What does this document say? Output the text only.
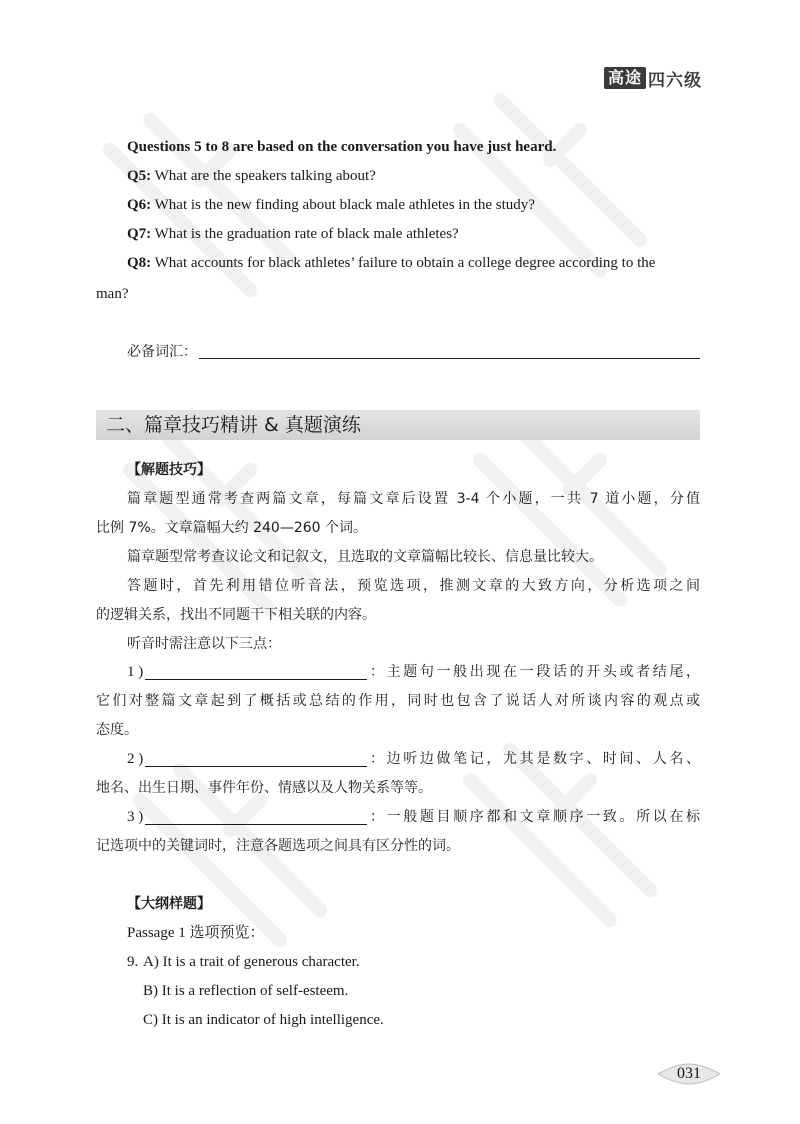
高途 四六级
Questions 5 to 8 are based on the conversation you have just heard.
Q5: What are the speakers talking about?
Q6: What is the new finding about black male athletes in the study?
Q7: What is the graduation rate of black male athletes?
Q8: What accounts for black athletes’ failure to obtain a college degree according to the
man?
必备词汇：
二、篇章技巧精讲 & 真题演练
【解题技巧】
篇章题型通常考查两篇文章，每篇文章后设置 3-4 个小题，一共 7 道小题，分值
比例 7%。文章篇幅大约 240—260 个词。
篇章题型常考查议论文和记叙文，且选取的文章篇幅比较长、信息量比较大。
答题时，首先利用错位听音法，预览选项，推测文章的大致方向，分析选项之间
的逻辑关系，找出不同题干下相关联的内容。
听音时需注意以下三点：
1 )	：主题句一般出现在一段话的开头或者结尾，
它们对整篇文章起到了概括或总结的作用，同时也包含了说话人对所谈内容的观点或
态度。
2 )	：边听边做笔记，尤其是数字、时间、人名、
地名、出生日期、事件年份、情感以及人物关系等等。
3 )	：一般题目顺序都和文章顺序一致。所以在标
记选项中的关键词时，注意各题选项之间具有区分性的词。
【大纲样题】
Passage 1 选项预览：
9. A) It is a trait of generous character.
B) It is a reflection of self-esteem.
C) It is an indicator of high intelligence.
031
